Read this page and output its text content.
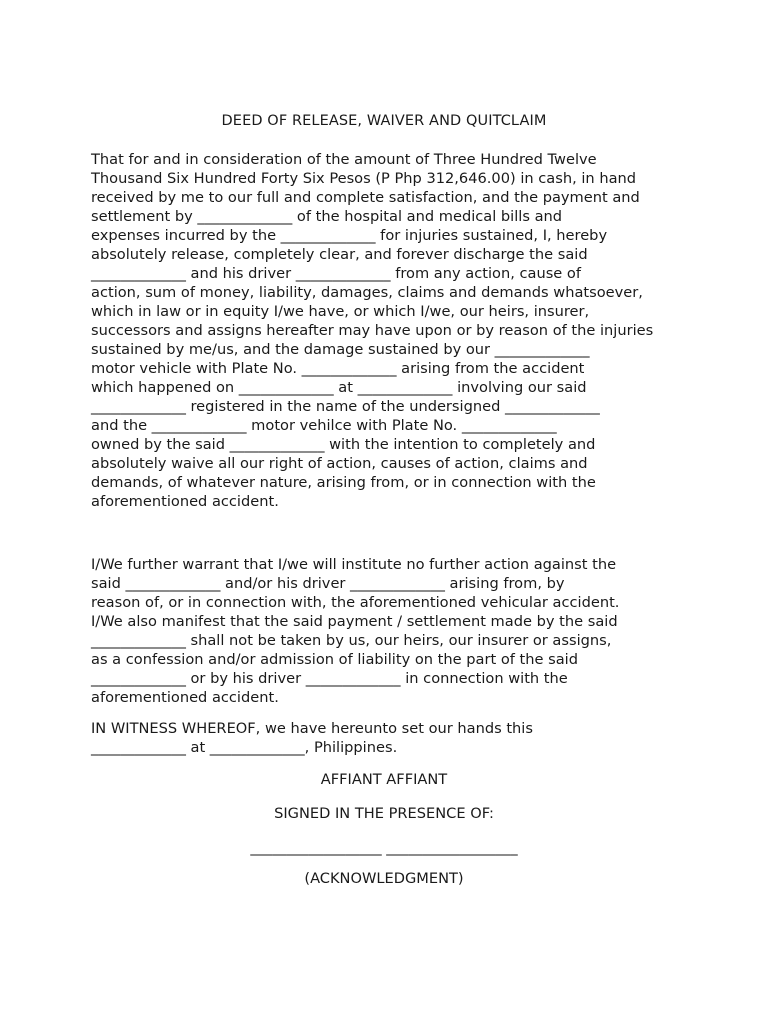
DEED OF RELEASE, WAIVER AND QUITCLAIM
That for and in consideration of the amount of Three Hundred Twelve
Thousand Six Hundred Forty Six Pesos (P Php 312,646.00) in cash, in hand
received by me to our full and complete satisfaction, and the payment and
settlement by _____________ of the hospital and medical bills and
expenses incurred by the _____________ for injuries sustained, I, hereby
absolutely release, completely clear, and forever discharge the said
_____________ and his driver _____________ from any action, cause of
action, sum of money, liability, damages, claims and demands whatsoever,
which in law or in equity I/we have, or which I/we, our heirs, insurer,
successors and assigns hereafter may have upon or by reason of the injuries
sustained by me/us, and the damage sustained by our _____________
motor vehicle with Plate No. _____________ arising from the accident
which happened on _____________ at _____________ involving our said
_____________ registered in the name of the undersigned _____________
and the _____________ motor vehilce with Plate No. _____________
owned by the said _____________ with the intention to completely and
absolutely waive all our right of action, causes of action, claims and
demands, of whatever nature, arising from, or in connection with the
aforementioned accident.
I/We further warrant that I/we will institute no further action against the
said _____________ and/or his driver _____________ arising from, by
reason of, or in connection with, the aforementioned vehicular accident.
I/We also manifest that the said payment / settlement made by the said
_____________ shall not be taken by us, our heirs, our insurer or assigns,
as a confession and/or admission of liability on the part of the said
_____________ or by his driver _____________ in connection with the
aforementioned accident.
IN WITNESS WHEREOF, we have hereunto set our hands this
_____________ at _____________, Philippines.
AFFIANT AFFIANT
SIGNED IN THE PRESENCE OF:
__________________ __________________
(ACKNOWLEDGMENT)
